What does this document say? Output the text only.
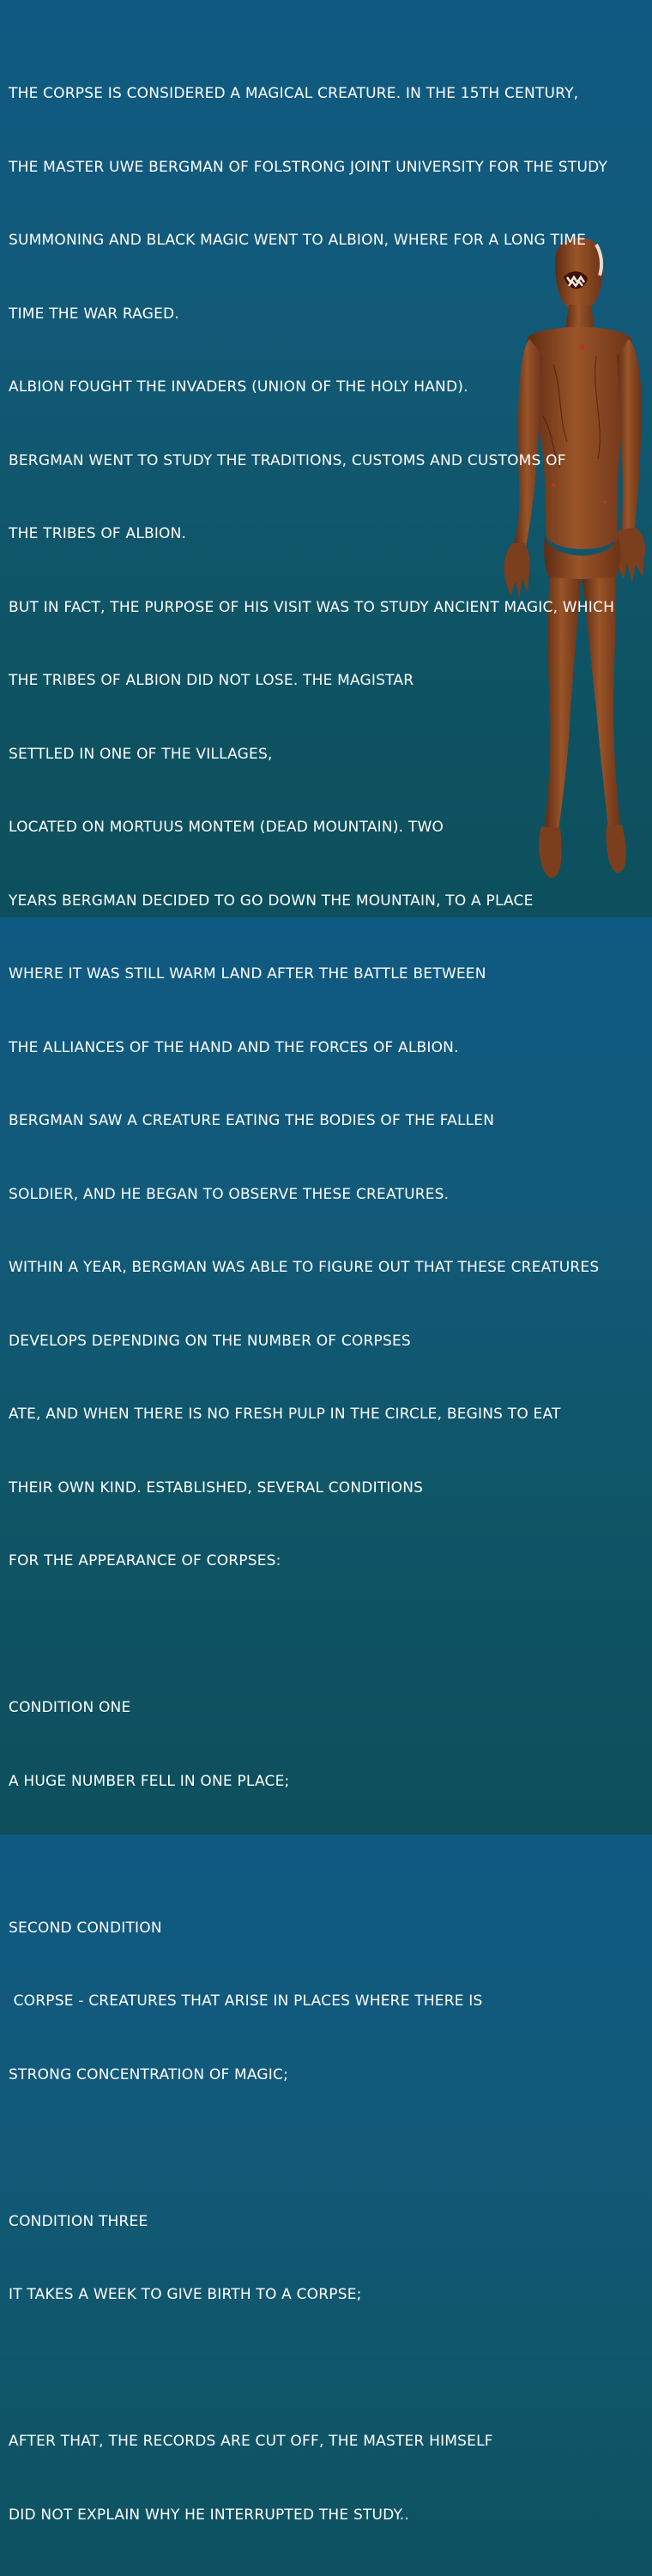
THE CORPSE IS CONSIDERED A MAGICAL CREATURE. IN THE 15TH CENTURY,

THE MASTER UWE BERGMAN OF FOLSTRONG JOINT UNIVERSITY FOR THE STUDY

SUMMONING AND BLACK MAGIC WENT TO ALBION, WHERE FOR A LONG TIME

TIME THE WAR RAGED.

ALBION FOUGHT THE INVADERS (UNION OF THE HOLY HAND).

BERGMAN WENT TO STUDY THE TRADITIONS, CUSTOMS AND CUSTOMS OF

THE TRIBES OF ALBION.

BUT IN FACT, THE PURPOSE OF HIS VISIT WAS TO STUDY ANCIENT MAGIC, WHICH

THE TRIBES OF ALBION DID NOT LOSE. THE MAGISTAR

SETTLED IN ONE OF THE VILLAGES,

LOCATED ON MORTUUS MONTEM (DEAD MOUNTAIN). TWO

YEARS BERGMAN DECIDED TO GO DOWN THE MOUNTAIN, TO A PLACE

WHERE IT WAS STILL WARM LAND AFTER THE BATTLE BETWEEN

THE ALLIANCES OF THE HAND AND THE FORCES OF ALBION.

BERGMAN SAW A CREATURE EATING THE BODIES OF THE FALLEN

SOLDIER, AND HE BEGAN TO OBSERVE THESE CREATURES.

WITHIN A YEAR, BERGMAN WAS ABLE TO FIGURE OUT THAT THESE CREATURES

DEVELOPS DEPENDING ON THE NUMBER OF CORPSES

ATE, AND WHEN THERE IS NO FRESH PULP IN THE CIRCLE, BEGINS TO EAT

THEIR OWN KIND. ESTABLISHED, SEVERAL CONDITIONS

FOR THE APPEARANCE OF CORPSES:

CONDITION ONE

A HUGE NUMBER FELL IN ONE PLACE;

SECOND CONDITION

CORPSE - CREATURES THAT ARISE IN PLACES WHERE THERE IS

STRONG CONCENTRATION OF MAGIC;

CONDITION THREE

IT TAKES A WEEK TO GIVE BIRTH TO A CORPSE;

AFTER THAT, THE RECORDS ARE CUT OFF, THE MASTER HIMSELF

DID NOT EXPLAIN WHY HE INTERRUPTED THE STUDY..
